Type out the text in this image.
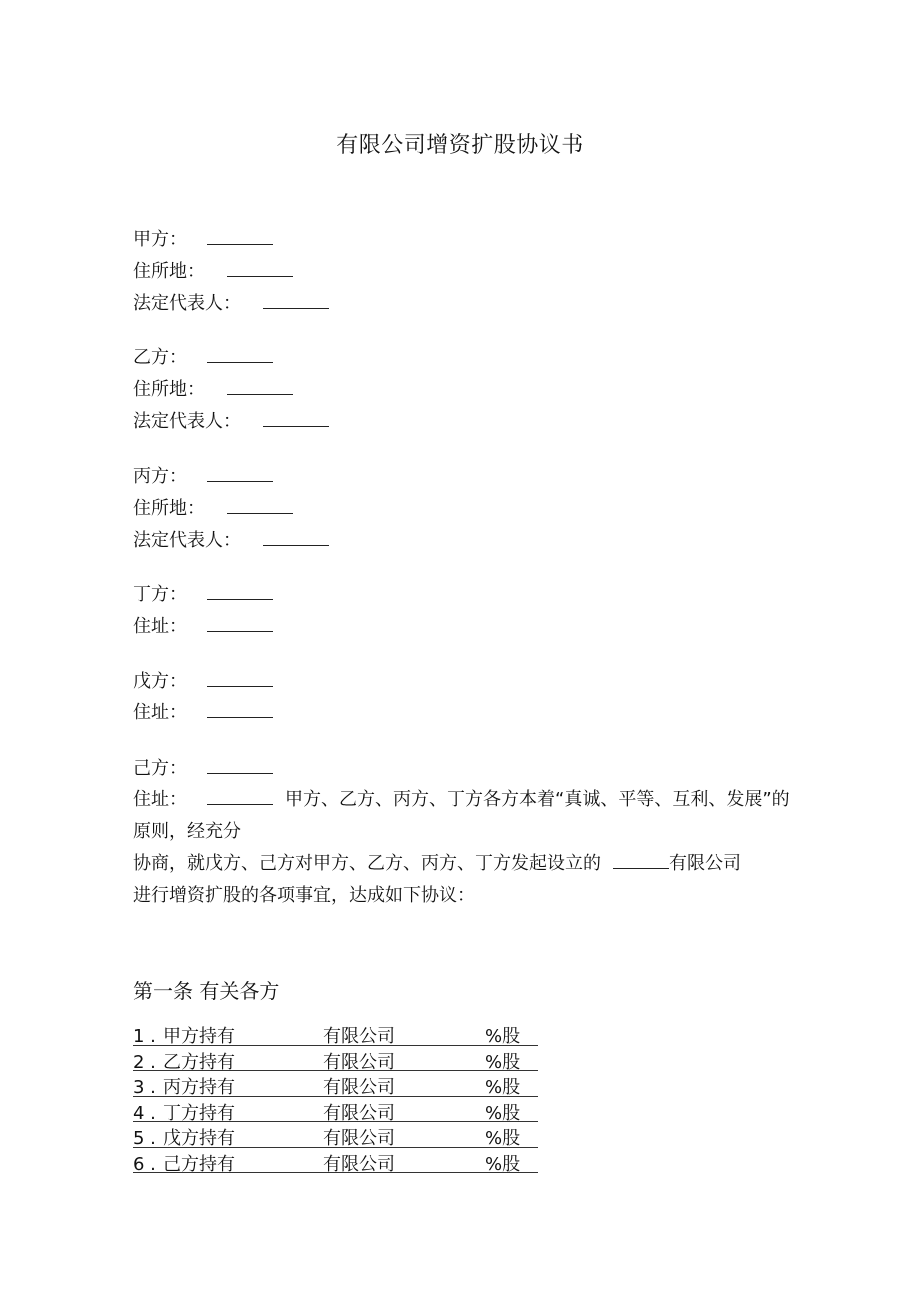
有限公司增资扩股协议书
甲方：
住所地：
法定代表人：
乙方：
住所地：
法定代表人：
丙方：
住所地：
法定代表人：
丁方：
住址：
戊方：
住址：
己方：
住址：	甲方、乙方、丙方、丁方各方本着“真诚、平等、互利、发展”的原则，经充分
协商，就戊方、己方对甲方、乙方、丙方、丁方发起设立的	有限公司
进行增资扩股的各项事宜，达成如下协议：
第一条 有关各方
1 . 甲方持有	有限公司	%股
2 . 乙方持有	有限公司	%股
3 . 丙方持有	有限公司	%股
4 . 丁方持有	有限公司	%股
5 . 戊方持有	有限公司	%股
6 . 己方持有	有限公司	%股
